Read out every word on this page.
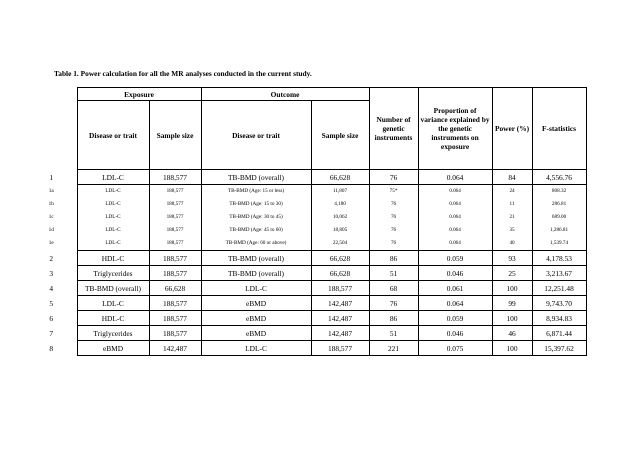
Table 1. Power calculation for all the MR analyses conducted in the current study.
	Exposure		Outcome		Number of genetic instruments	Proportion of variance explained by the genetic instruments on exposure	Power (%)	F-statistics
	Disease or trait	Sample size	Disease or trait	Sample size				
1	LDL-C	188,577	TB-BMD (overall)	66,628	76	0.064	84	4,556.76
1a	LDL-C	188,577	TB-BMD (Age: 15 or less)	11,807	75*	0.064	24	808.32
1b	LDL-C	188,577	TB-BMD (Age: 15 to 30)	4,180	76	0.064	11	286.81
1c	LDL-C	188,577	TB-BMD (Age: 30 to 45)	10,062	76	0.064	21	689.00
1d	LDL-C	188,577	TB-BMD (Age: 45 to 60)	18,805	76	0.064	35	1,286.81
1e	LDL-C	188,577	TB-BMD (Age: 60 or above)	22,504	76	0.064	40	1,539.74
2	HDL-C	188,577	TB-BMD (overall)	66,628	86	0.059	93	4,178.53
3	Triglycerides	188,577	TB-BMD (overall)	66,628	51	0.046	25	3,213.67
4	TB-BMD (overall)	66,628	LDL-C	188,577	68	0.061	100	12,251.48
5	LDL-C	188,577	eBMD	142,487	76	0.064	99	9,743.70
6	HDL-C	188,577	eBMD	142,487	86	0.059	100	8,934.83
7	Triglycerides	188,577	eBMD	142,487	51	0.046	46	6,871.44
8	eBMD	142,487	LDL-C	188,577	221	0.075	100	15,397.62
